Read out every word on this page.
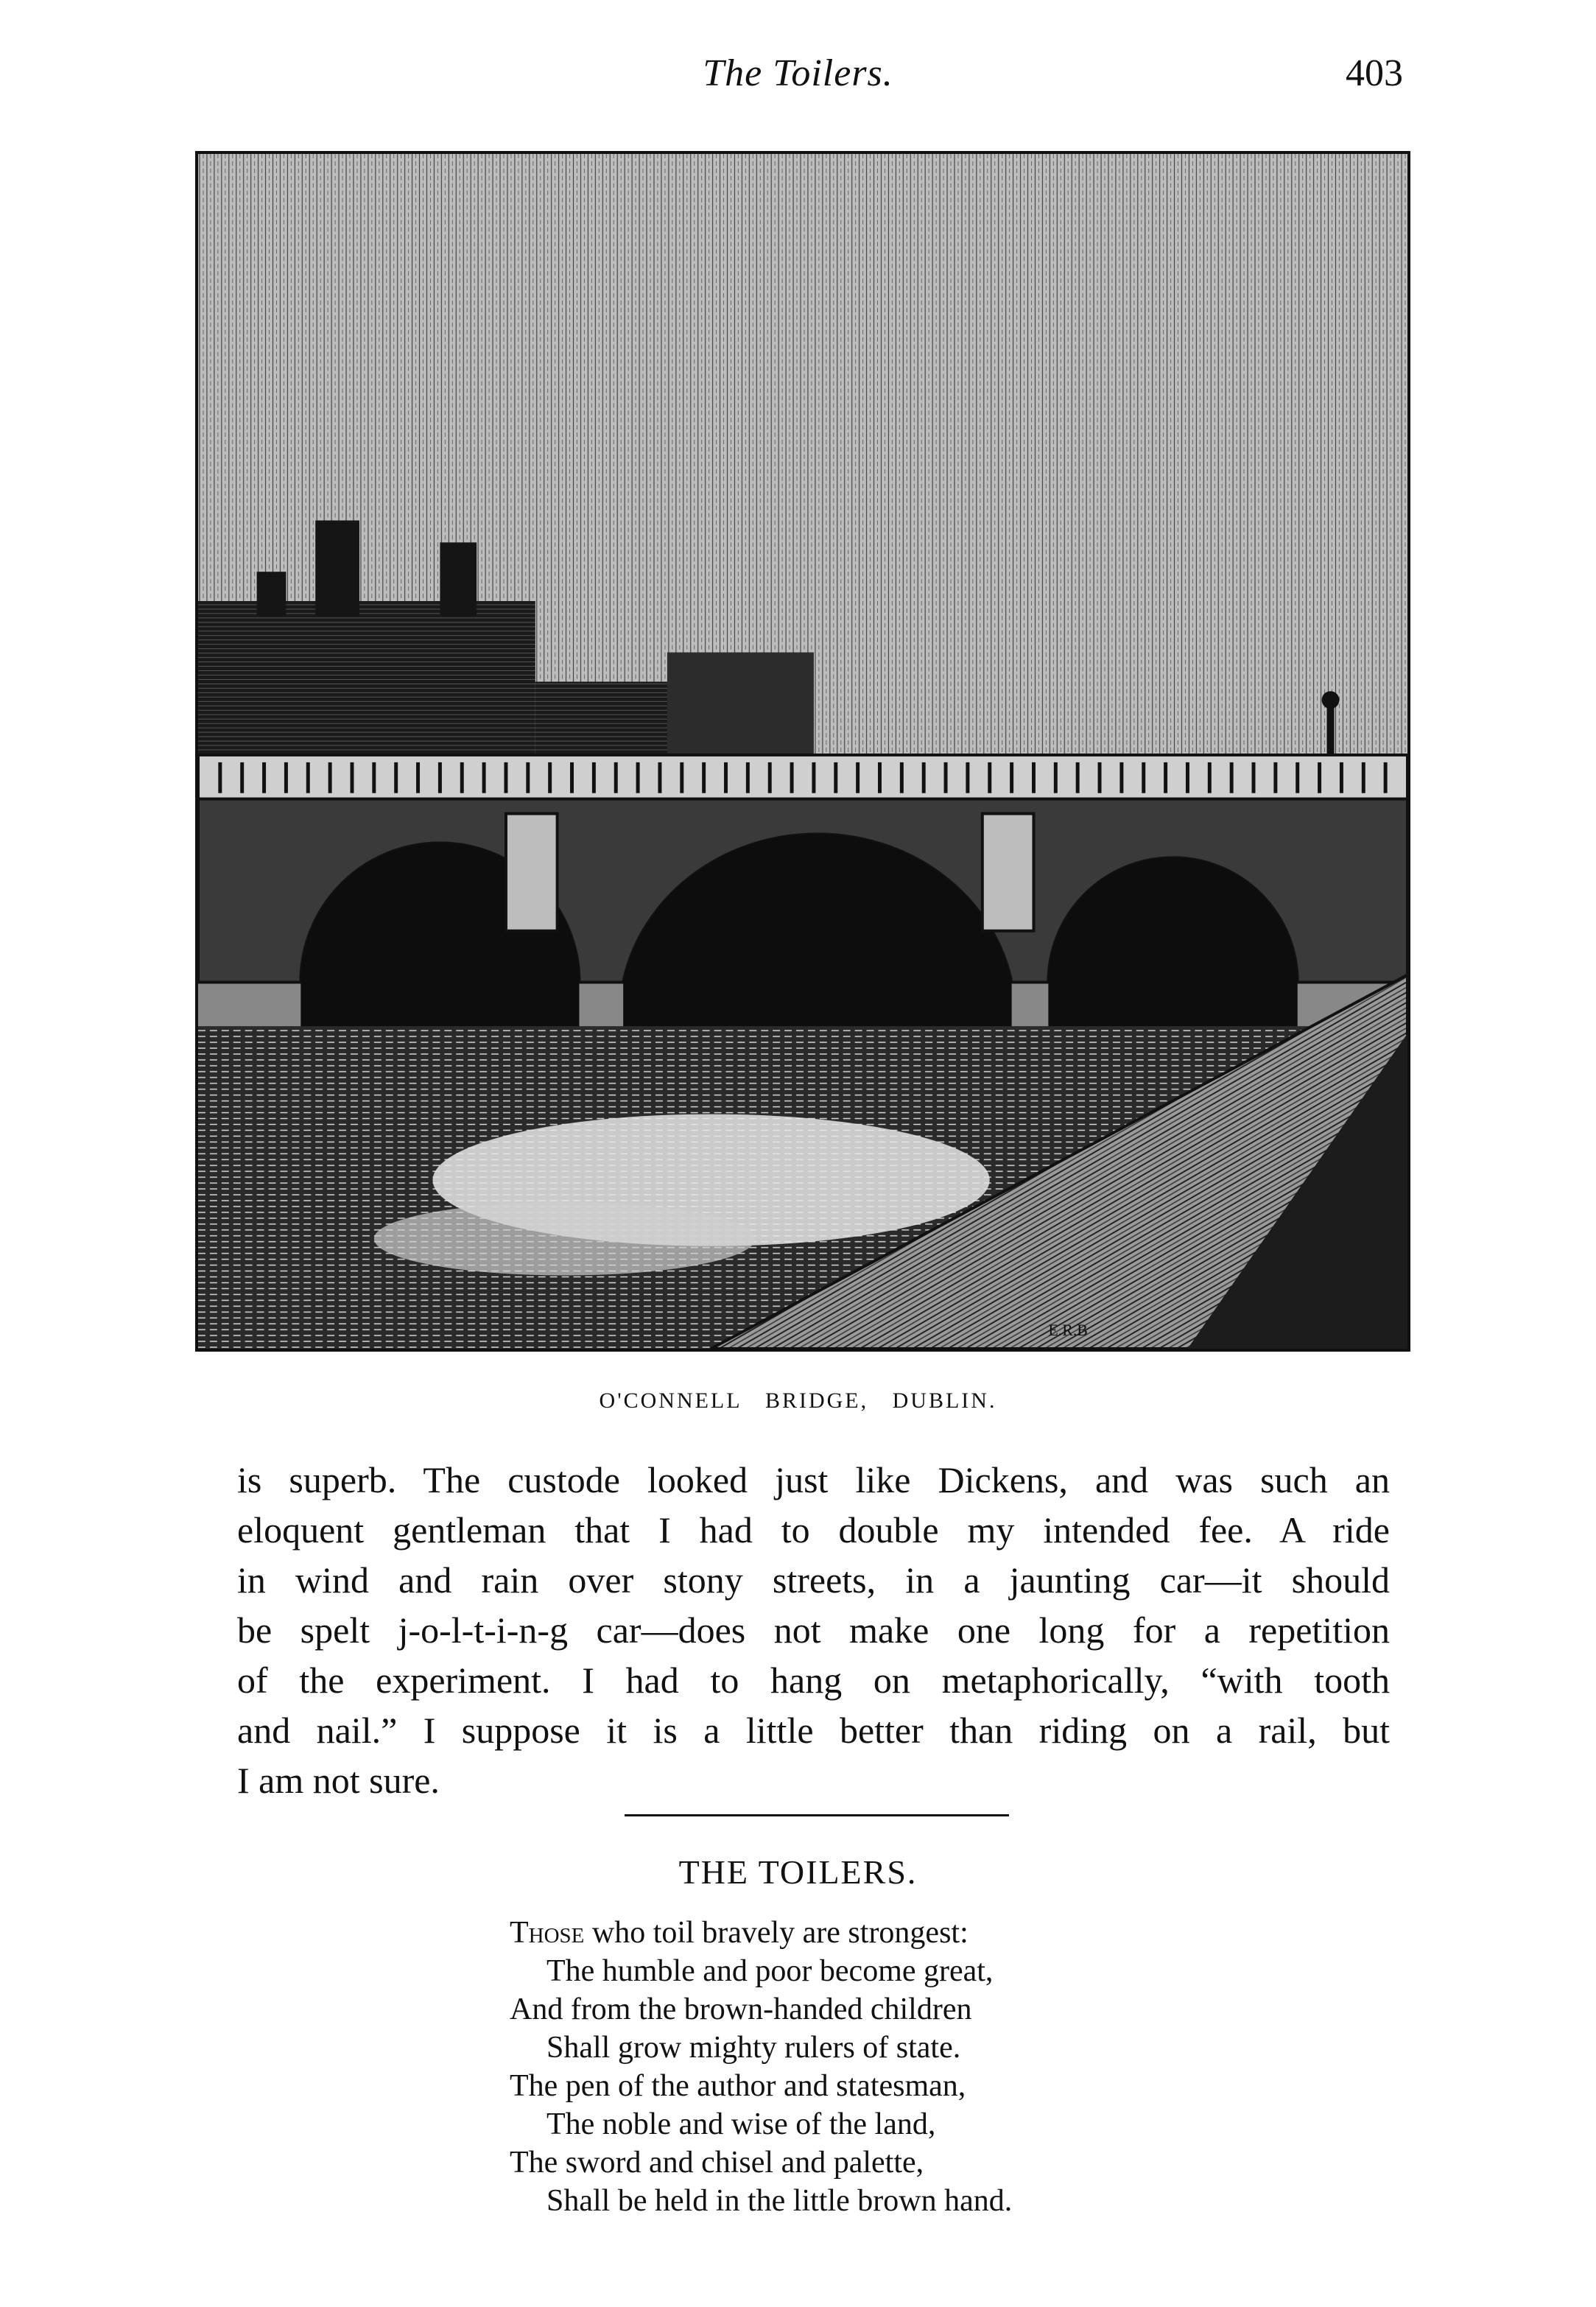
The Toilers.	403
E.R.B
O'CONNELL BRIDGE, DUBLIN.
is superb. The custode looked just like Dickens, and was such an
eloquent gentleman that I had to double my intended fee. A ride
in wind and rain over stony streets, in a jaunting car—it should
be spelt j-o-l-t-i-n-g car—does not make one long for a repetition
of the experiment. I had to hang on metaphorically, “with tooth
and nail.” I suppose it is a little better than riding on a rail, but
I am not sure.
THE TOILERS.
Those who toil bravely are strongest:
The humble and poor become great,
And from the brown-handed children
Shall grow mighty rulers of state.
The pen of the author and statesman,
The noble and wise of the land,
The sword and chisel and palette,
Shall be held in the little brown hand.
